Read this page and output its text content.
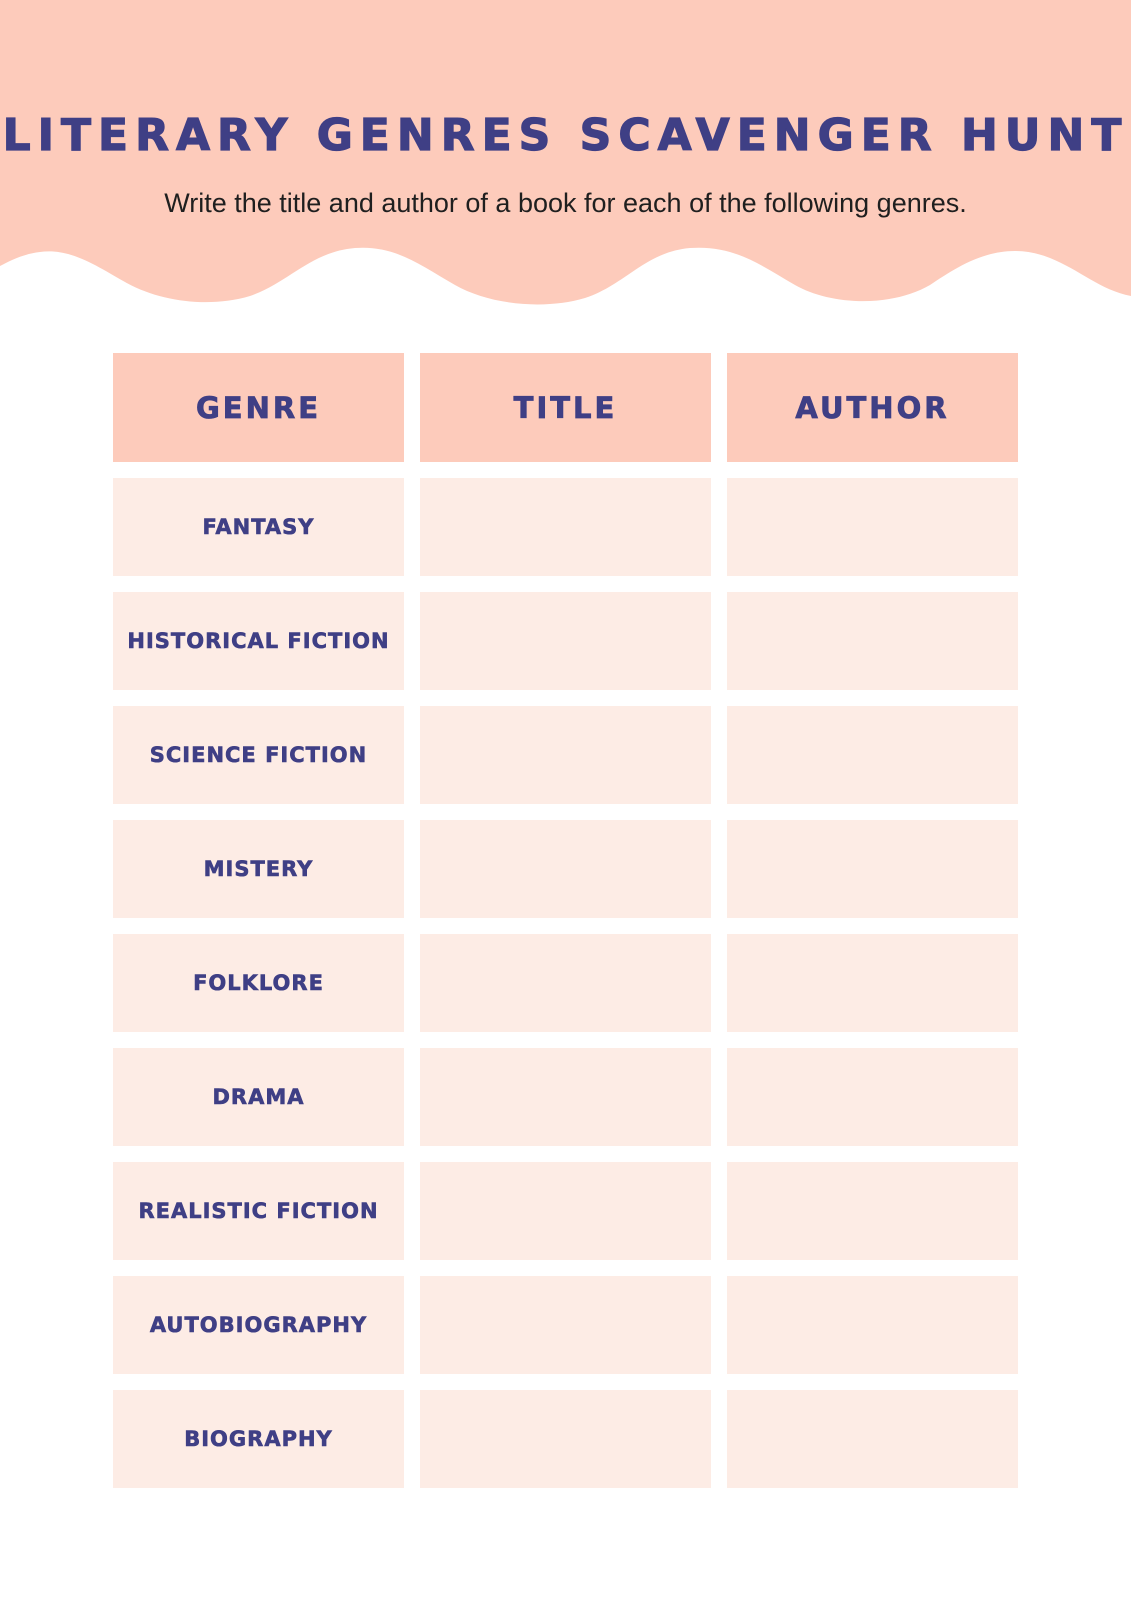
LITERARY GENRES SCAVENGER HUNT

Write the title and author of a book for each of the following genres.

GENRE	TITLE	AUTHOR
FANTASY
HISTORICAL FICTION
SCIENCE FICTION
MISTERY
FOLKLORE
DRAMA
REALISTIC FICTION
AUTOBIOGRAPHY
BIOGRAPHY
